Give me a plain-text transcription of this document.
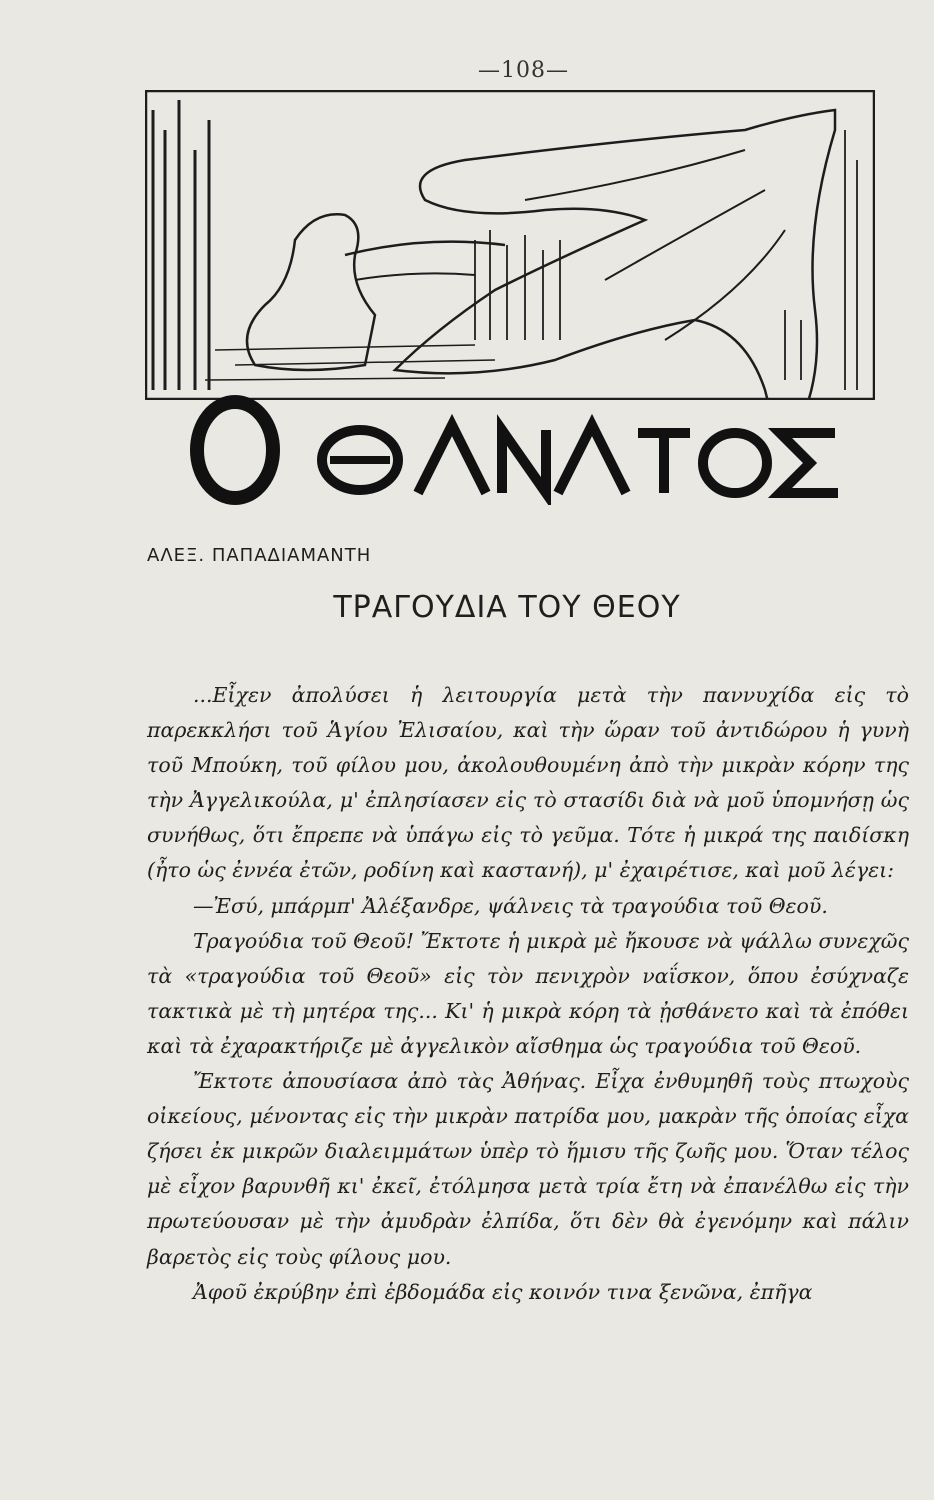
—108—
ΑΛΕΞ. ΠΑΠΑΔΙΑΜΑΝΤΗ
ΤΡΑΓΟΥΔΙΑ ΤΟΥ ΘΕΟΥ

...Εἶχεν ἀπολύσει ἡ λειτουργία μετὰ τὴν παννυχίδα εἰς τὸ παρεκκλήσι τοῦ Ἁγίου Ἐλισαίου, καὶ τὴν ὥραν τοῦ ἀντιδώρου ἡ γυνὴ τοῦ Μπούκη, τοῦ φίλου μου, ἀκολουθουμένη ἀπὸ τὴν μικρὰν κόρην της τὴν Ἀγγελικούλα, μ' ἐπλησίασεν εἰς τὸ στασίδι διὰ νὰ μοῦ ὑπομνήσῃ ὡς συνήθως, ὅτι ἔπρεπε νὰ ὑπάγω εἰς τὸ γεῦμα. Τότε ἡ μικρά της παιδίσκη (ἦτο ὡς ἐννέα ἐτῶν, ροδίνη καὶ καστανή), μ' ἐχαιρέτισε, καὶ μοῦ λέγει:

—Ἐσύ, μπάρμπ' Ἀλέξανδρε, ψάλνεις τὰ τραγούδια τοῦ Θεοῦ.

Τραγούδια τοῦ Θεοῦ! Ἔκτοτε ἡ μικρὰ μὲ ἤκουσε νὰ ψάλλω συνεχῶς τὰ «τραγούδια τοῦ Θεοῦ» εἰς τὸν πενιχρὸν ναΐσκον, ὅπου ἐσύχναζε τακτικὰ μὲ τὴ μητέρα της... Κι' ἡ μικρὰ κόρη τὰ ᾐσθάνετο καὶ τὰ ἐπόθει καὶ τὰ ἐχαρακτήριζε μὲ ἀγγελικὸν αἴσθημα ὡς τραγούδια τοῦ Θεοῦ.

Ἔκτοτε ἀπουσίασα ἀπὸ τὰς Ἀθήνας. Εἶχα ἐνθυμηθῆ τοὺς πτωχοὺς οἰκείους, μένοντας εἰς τὴν μικρὰν πατρίδα μου, μακρὰν τῆς ὁποίας εἶχα ζήσει ἐκ μικρῶν διαλειμμάτων ὑπὲρ τὸ ἥμισυ τῆς ζωῆς μου. Ὅταν τέλος μὲ εἶχον βαρυνθῆ κι' ἐκεῖ, ἐτόλμησα μετὰ τρία ἔτη νὰ ἐπανέλθω εἰς τὴν πρωτεύουσαν μὲ τὴν ἀμυδρὰν ἐλπίδα, ὅτι δὲν θὰ ἐγενόμην καὶ πάλιν βαρετὸς εἰς τοὺς φίλους μου.

Ἀφοῦ ἐκρύβην ἐπὶ ἑβδομάδα εἰς κοινόν τινα ξενῶνα, ἐπῆγα
